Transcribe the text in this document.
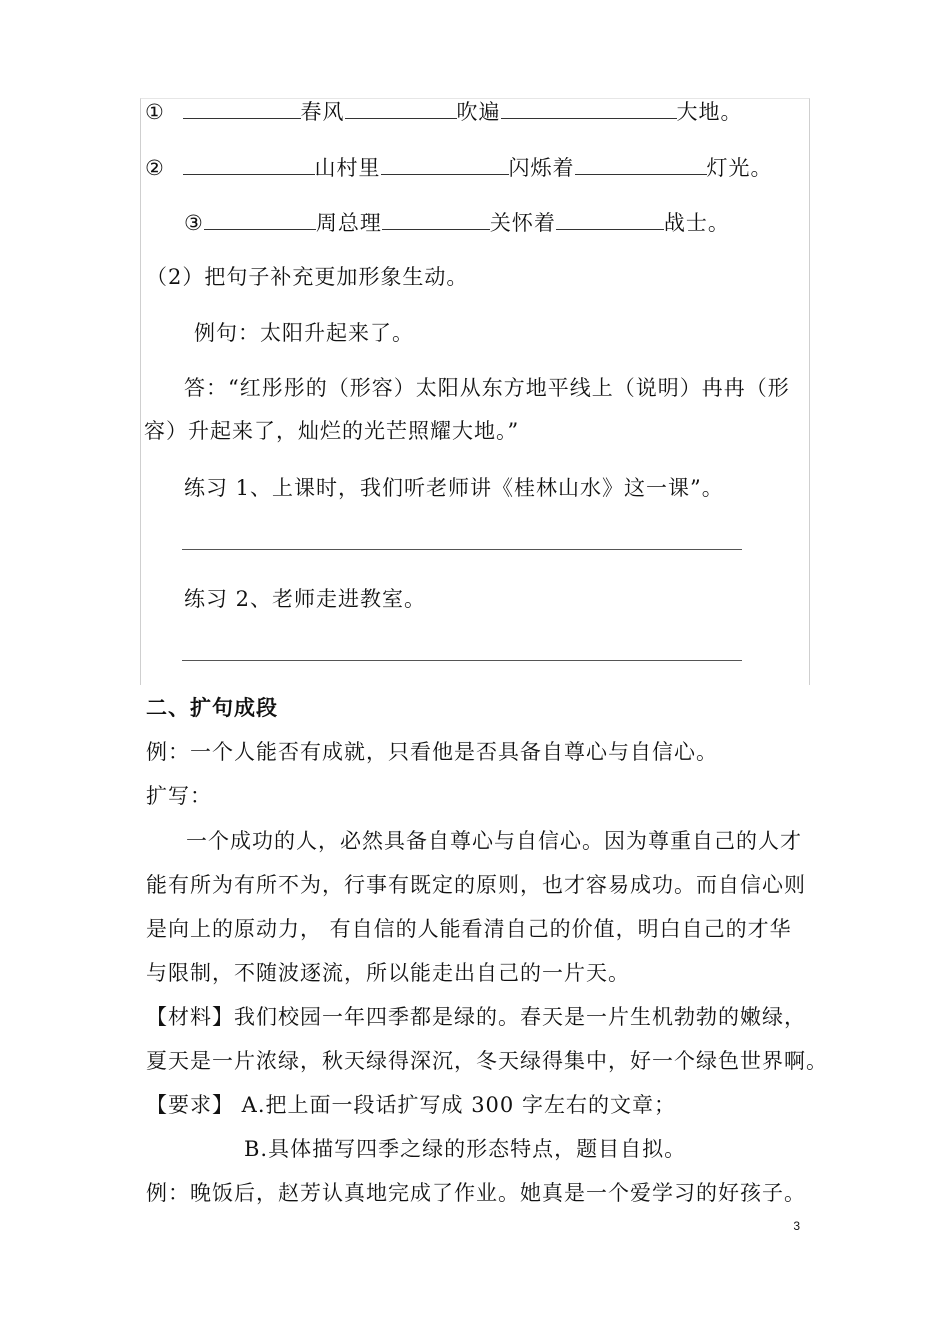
①	春风	吹遍	大地。
②	山村里	闪烁着	灯光。
③	周总理	关怀着	战士。
（2）把句子补充更加形象生动。
例句：太阳升起来了。
答：“红彤彤的（形容）太阳从东方地平线上（说明）冉冉（形
容）升起来了，灿烂的光芒照耀大地。”
练习 1、上课时，我们听老师讲《桂林山水》这一课”。
练习 2、老师走进教室。
二、扩句成段
例：一个人能否有成就，只看他是否具备自尊心与自信心。
扩写：
一个成功的人，必然具备自尊心与自信心。因为尊重自己的人才
能有所为有所不为，行事有既定的原则，也才容易成功。而自信心则
是向上的原动力， 有自信的人能看清自己的价值，明白自己的才华
与限制，不随波逐流，所以能走出自己的一片天。
【材料】我们校园一年四季都是绿的。春天是一片生机勃勃的嫩绿，
夏天是一片浓绿，秋天绿得深沉，冬天绿得集中，好一个绿色世界啊。
【要求】 A.把上面一段话扩写成 300 字左右的文章；
B.具体描写四季之绿的形态特点，题目自拟。
例：晚饭后，赵芳认真地完成了作业。她真是一个爱学习的好孩子。
3
